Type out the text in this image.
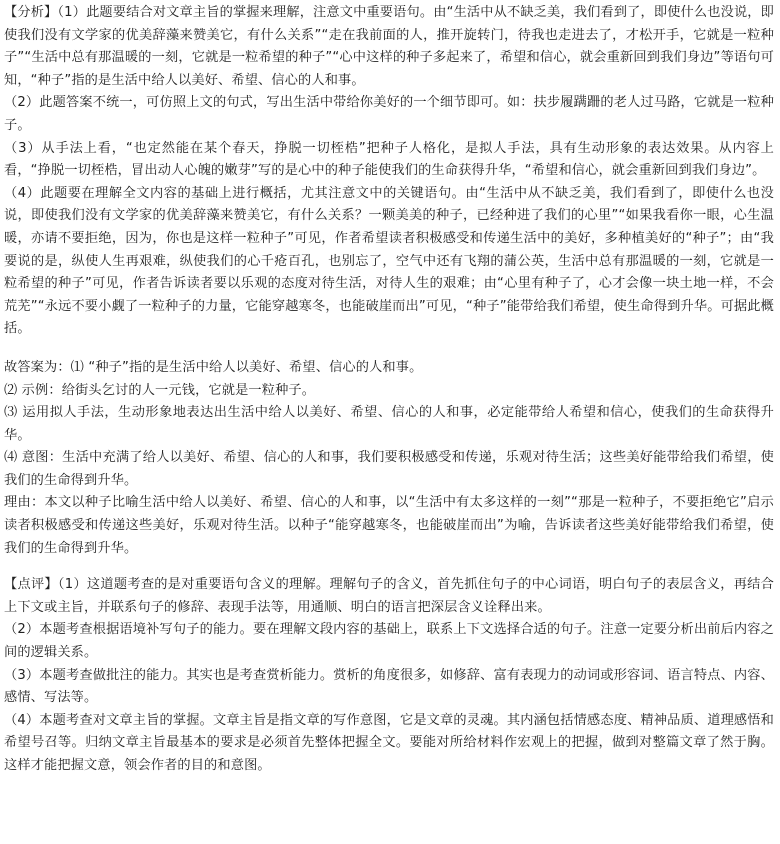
【分析】（1）此题要结合对文章主旨的掌握来理解，注意文中重要语句。由“生活中从不缺乏美，我们看到了，即使什么也没说，即使我们没有文学家的优美辞藻来赞美它，有什么关系”“走在我前面的人，推开旋转门，待我也走进去了，才松开手，它就是一粒种子”“生活中总有那温暖的一刻，它就是一粒希望的种子”“心中这样的种子多起来了，希望和信心，就会重新回到我们身边”等语句可知，“种子”指的是生活中给人以美好、希望、信心的人和事。

（2）此题答案不统一，可仿照上文的句式，写出生活中带给你美好的一个细节即可。如：扶步履蹒跚的老人过马路，它就是一粒种子。

（3）从手法上看，“也定然能在某个春天，挣脱一切桎梏”把种子人格化，是拟人手法，具有生动形象的表达效果。从内容上看，“挣脱一切桎梏，冒出动人心魄的嫩芽”写的是心中的种子能使我们的生命获得升华，“希望和信心，就会重新回到我们身边”。

（4）此题要在理解全文内容的基础上进行概括，尤其注意文中的关键语句。由“生活中从不缺乏美，我们看到了，即使什么也没说，即使我们没有文学家的优美辞藻来赞美它，有什么关系？一颗美美的种子，已经种进了我们的心里”“如果我看你一眼，心生温暖，亦请不要拒绝，因为，你也是这样一粒种子”可见，作者希望读者积极感受和传递生活中的美好，多种植美好的“种子”；由“我要说的是，纵使人生再艰难，纵使我们的心千疮百孔，也别忘了，空气中还有飞翔的蒲公英，生活中总有那温暖的一刻，它就是一粒希望的种子”可见，作者告诉读者要以乐观的态度对待生活，对待人生的艰难；由“心里有种子了，心才会像一块土地一样，不会荒芜”“永远不要小觑了一粒种子的力量，它能穿越寒冬，也能破崖而出”可见，“种子”能带给我们希望，使生命得到升华。可据此概括。

故答案为：⑴ “种子”指的是生活中给人以美好、希望、信心的人和事。

⑵ 示例：给街头乞讨的人一元钱，它就是一粒种子。

⑶ 运用拟人手法，生动形象地表达出生活中给人以美好、希望、信心的人和事，必定能带给人希望和信心，使我们的生命获得升华。

⑷ 意图：生活中充满了给人以美好、希望、信心的人和事，我们要积极感受和传递，乐观对待生活；这些美好能带给我们希望，使我们的生命得到升华。

理由：本文以种子比喻生活中给人以美好、希望、信心的人和事，以“生活中有太多这样的一刻”“那是一粒种子，不要拒绝它”启示读者积极感受和传递这些美好，乐观对待生活。以种子“能穿越寒冬，也能破崖而出”为喻，告诉读者这些美好能带给我们希望，使我们的生命得到升华。

【点评】（1）这道题考查的是对重要语句含义的理解。理解句子的含义，首先抓住句子的中心词语，明白句子的表层含义，再结合上下文或主旨，并联系句子的修辞、表现手法等，用通顺、明白的语言把深层含义诠释出来。

（2）本题考查根据语境补写句子的能力。要在理解文段内容的基础上，联系上下文选择合适的句子。注意一定要分析出前后内容之间的逻辑关系。

（3）本题考查做批注的能力。其实也是考查赏析能力。赏析的角度很多，如修辞、富有表现力的动词或形容词、语言特点、内容、感情、写法等。

（4）本题考查对文章主旨的掌握。文章主旨是指文章的写作意图，它是文章的灵魂。其内涵包括情感态度、精神品质、道理感悟和希望号召等。归纳文章主旨最基本的要求是必须首先整体把握全文。要能对所给材料作宏观上的把握，做到对整篇文章了然于胸。这样才能把握文意，领会作者的目的和意图。
